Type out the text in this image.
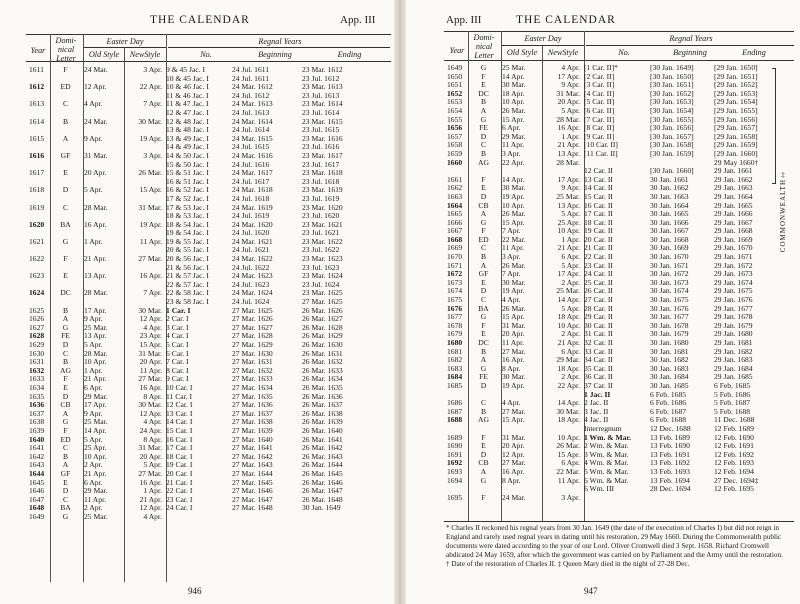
THE CALENDAR	App. III
Year
Domi-
nical
Letter
Easter Day
Old Style	NewStyle
Regnal Years
No.	Beginning	Ending
1611	F	24 Mar.	3 Apr.	9 & 45 Jac. I	24 Jul. 1611	23 Mar. 1612
				10 & 45 Jac. I	24 Jul. 1611	23 Jul. 1612
1612	ED	12 Apr.	22 Apr.	10 & 46 Jac. I	24 Mar. 1612	23 Mar. 1613
				11 & 46 Jac. I	24 Jul. 1612	23 Jul. 1613
1613	C	4 Apr.	7 Apr.	11 & 47 Jac. I	24 Mar. 1613	23 Mar. 1614
				12 & 47 Jac. I	24 Jul. 1613	23 Jul. 1614
1614	B	24 Mar.	30 Mar.	12 & 48 Jac. I	24 Mar. 1614	23 Mar. 1615
				13 & 48 Jac. I	24 Jul. 1614	23 Jul. 1615
1615	A	9 Apr.	19 Apr.	13 & 49 Jac. I	24 Mar. 1615	23 Mar. 1616
				14 & 49 Jac. I	24 Jul. 1615	23 Jul. 1616
1616	GF	31 Mar.	3 Apr.	14 & 50 Jac. I	24 Mar. 1616	23 Mar. 1617
				15 & 50 Jac. I	24 Jul. 1616	23 Jul. 1617
1617	E	20 Apr.	26 Mar.	15 & 51 Jac. I	24 Mar. 1617	23 Mar. 1618
				16 & 51 Jac. I	24 Jul. 1617	23 Jul. 1618
1618	D	5 Apr.	15 Apr.	16 & 52 Jac. I	24 Mar. 1618	23 Mar. 1619
				17 & 52 Jac. I	24 Jul. 1618	23 Jul. 1619
1619	C	28 Mar.	31 Mar.	17 & 53 Jac. I	24 Mar. 1619	23 Mar. 1620
				18 & 53 Jac. I	24 Jul. 1619	23 Jul. 1620
1620	BA	16 Apr.	19 Apr.	18 & 54 Jac. I	24 Mar. 1620	23 Mar. 1621
				19 & 54 Jac. I	24 Jul. 1620	23 Jul. 1621
1621	G	1 Apr.	11 Apr.	19 & 55 Jac. I	24 Mar. 1621	23 Mar. 1622
				20 & 55 Jac. I	24 Jul. 1621	23 Jul. 1622
1622	F	21 Apr.	27 Mar.	20 & 56 Jac. I	24 Mar. 1622	23 Mar. 1623
				21 & 56 Jac. I	24 Jul. 1622	23 Jul. 1623
1623	E	13 Apr.	16 Apr.	21 & 57 Jac. I	24 Mar. 1623	23 Mar. 1624
				22 & 57 Jac. I	24 Jul. 1623	23 Jul. 1624
1624	DC	28 Mar.	7 Apr.	22 & 58 Jac. I	24 Mar. 1624	23 Mar. 1625
				23 & 58 Jac. I	24 Jul. 1624	27 Mar. 1625
1625	B	17 Apr.	30 Mar.	1 Car. I	27 Mar. 1625	26 Mar. 1626
1626	A	9 Apr.	12 Apr.	2 Car. I	27 Mar. 1626	26 Mar. 1627
1627	G	25 Mar.	4 Apr.	3 Car. I	27 Mar. 1627	26 Mar. 1628
1628	FE	13 Apr.	23 Apr.	4 Car. I	27 Mar. 1628	26 Mar. 1629
1629	D	5 Apr.	15 Apr.	5 Car. I	27 Mar. 1629	26 Mar. 1630
1630	C	28 Mar.	31 Mar.	6 Car. I	27 Mar. 1630	26 Mar. 1631
1631	B	10 Apr.	20 Apr.	7 Car. I	27 Mar. 1631	26 Mar. 1632
1632	AG	1 Apr.	11 Apr.	8 Car. I	27 Mar. 1632	26 Mar. 1633
1633	F	21 Apr.	27 Mar.	9 Car. I	27 Mar. 1633	26 Mar. 1634
1634	E	6 Apr.	16 Apr.	10 Car. I	27 Mar. 1634	26 Mar. 1635
1635	D	29 Mar.	8 Apr.	11 Car. I	27 Mar. 1635	26 Mar. 1636
1636	CB	17 Apr.	30 Mar.	12 Car. I	27 Mar. 1636	26 Mar. 1637
1637	A	9 Apr.	12 Apr.	13 Car. I	27 Mar. 1637	26 Mar. 1638
1638	G	25 Mar.	4 Apr.	14 Car. I	27 Mar. 1638	26 Mar. 1639
1639	F	14 Apr.	24 Apr.	15 Car. I	27 Mar. 1639	26 Mar. 1640
1640	ED	5 Apr.	8 Apr.	16 Car. I	27 Mar. 1640	26 Mar. 1641
1641	C	25 Apr.	31 Mar.	17 Car. I	27 Mar. 1641	26 Mar. 1642
1642	B	10 Apr.	20 Apr.	18 Car. I	27 Mar. 1642	26 Mar. 1643
1643	A	2 Apr.	5 Apr.	19 Car. I	27 Mar. 1643	26 Mar. 1644
1644	GF	21 Apr.	27 Mar.	20 Car. I	27 Mar. 1644	26 Mar. 1645
1645	E	6 Apr.	16 Apr.	21 Car. I	27 Mar. 1645	26 Mar. 1646
1646	D	29 Mar.	1 Apr.	22 Car. I	27 Mar. 1646	26 Mar. 1647
1647	C	11 Apr.	21 Apr.	23 Car. I	27 Mar. 1647	26 Mar. 1648
1648	BA	2 Apr.	12 Apr.	24 Car. I	27 Mar. 1648	30 Jan. 1649
1649	G	25 Mar.	4 Apr.			
946
App. III	THE CALENDAR
Year
Domi-
nical
Letter
Easter Day
Old Style	NewStyle
Regnal Years
No.	Beginning	Ending
1649	G	25 Mar.	4 Apr.	[1 Car. II]*	[30 Jan. 1649]	[29 Jan. 1650]
1650	F	14 Apr.	17 Apr.	[2 Car. II]	[30 Jan. 1650]	[29 Jan. 1651]
1651	E	30 Mar.	9 Apr.	[3 Car. II]	[30 Jan. 1651]	[29 Jan. 1652]
1652	DC	18 Apr.	31 Mar.	[4 Car. II]	[30 Jan. 1652]	[29 Jan. 1653]
1653	B	10 Apr.	20 Apr.	[5 Car. II]	[30 Jan. 1653]	[29 Jan. 1654]
1654	A	26 Mar.	5 Apr.	[6 Car. II]	[30 Jan. 1654]	[29 Jan. 1655]
1655	G	15 Apr.	28 Mar.	[7 Car. II]	[30 Jan. 1655]	[29 Jan. 1656]
1656	FE	6 Apr.	16 Apr.	[8 Car. II]	[30 Jan. 1656]	[29 Jan. 1657]
1657	D	29 Mar.	1 Apr.	[9 Car. II]	[30 Jan. 1657]	[29 Jan. 1658]
1658	C	11 Apr.	21 Apr.	[10 Car. II]	[30 Jan. 1658]	[29 Jan. 1659]
1659	B	3 Apr.	13 Apr.	[11 Car. II]	[30 Jan. 1659]	[29 Jan. 1660]
1660	AG	22 Apr.	28 Mar.			29 May 1660†
				12 Car. II	[30 Jan. 1660]	29 Jan. 1661
1661	F	14 Apr.	17 Apr.	13 Car. II	30 Jan. 1661	29 Jan. 1662
1662	E	30 Mar.	9 Apr.	14 Car. II	30 Jan. 1662	29 Jan. 1663
1663	D	19 Apr.	25 Mar.	15 Car. II	30 Jan. 1663	29 Jan. 1664
1664	CB	10 Apr.	13 Apr.	16 Car. II	30 Jan. 1664	29 Jan. 1665
1665	A	26 Mar.	5 Apr.	17 Car. II	30 Jan. 1665	29 Jan. 1666
1666	G	15 Apr.	25 Apr.	18 Car. II	30 Jan. 1666	29 Jan. 1667
1667	F	7 Apr.	10 Apr.	19 Car. II	30 Jan. 1667	29 Jan. 1668
1668	ED	22 Mar.	1 Apr.	20 Car. II	30 Jan. 1668	29 Jan. 1669
1669	C	11 Apr.	21 Apr.	21 Car. II	30 Jan. 1669	29 Jan. 1670
1670	B	3 Apr.	6 Apr.	22 Car. II	30 Jan. 1670	29 Jan. 1671
1671	A	26 Mar.	5 Apr.	23 Car. II	30 Jan. 1671	29 Jan. 1672
1672	GF	7 Apr.	17 Apr.	24 Car. II	30 Jan. 1672	29 Jan. 1673
1673	E	30 Mar.	2 Apr.	25 Car. II	30 Jan. 1673	29 Jan. 1674
1674	D	19 Apr.	25 Mar.	26 Car. II	30 Jan. 1674	29 Jan. 1675
1675	C	4 Apr.	14 Apr.	27 Car. II	30 Jan. 1675	29 Jan. 1676
1676	BA	26 Mar.	5 Apr.	28 Car. II	30 Jan. 1676	29 Jan. 1677
1677	G	15 Apr.	18 Apr.	29 Car. II	30 Jan. 1677	29 Jan. 1678
1678	F	31 Mar.	10 Apr.	30 Car. II	30 Jan. 1678	29 Jan. 1679
1679	E	20 Apr.	2 Apr.	31 Car. II	30 Jan. 1679	29 Jan. 1680
1680	DC	11 Apr.	21 Apr.	32 Car. II	30 Jan. 1680	29 Jan. 1681
1681	B	27 Mar.	6 Apr.	33 Car. II	30 Jan. 1681	29 Jan. 1682
1682	A	16 Apr.	29 Mar.	34 Car. II	30 Jan. 1682	29 Jan. 1683
1683	G	8 Apr.	18 Apr.	35 Car. II	30 Jan. 1683	29 Jan. 1684
1684	FE	30 Mar.	2 Apr.	36 Car. II	30 Jan. 1684	29 Jan. 1685
1685	D	19 Apr.	22 Apr.	37 Car. II	30 Jan. 1685	6 Feb. 1685
				1 Jac. II	6 Feb. 1685	5 Feb. 1686
1686	C	4 Apr.	14 Apr.	2 Jac. II	6 Feb. 1686	5 Feb. 1687
1687	B	27 Mar.	30 Mar.	3 Jac. II	6 Feb. 1687	5 Feb. 1688
1688	AG	15 Apr.	18 Apr.	4 Jac. II	6 Feb. 1688	11 Dec. 1688
				Interregnum	12 Dec. 1688	12 Feb. 1689
1689	F	31 Mar.	10 Apr.	1 Wm. & Mar.	13 Feb. 1689	12 Feb. 1690
1690	E	20 Apr.	26 Mar.	2 Wm. & Mar.	13 Feb. 1690	12 Feb. 1691
1691	D	12 Apr.	15 Apr.	3 Wm. & Mar.	13 Feb. 1691	12 Feb. 1692
1692	CB	27 Mar.	6 Apr.	4 Wm. & Mar.	13 Feb. 1692	12 Feb. 1693
1693	A	16 Apr.	22 Mar.	5 Wm. & Mar.	13 Feb. 1693	12 Feb. 1694
1694	G	8 Apr.	11 Apr.	6 Wm. & Mar.	13 Feb. 1694	27 Dec. 1694‡
				6 Wm. III	28 Dec. 1694	12 Feb. 1695
1695	F	24 Mar.	3 Apr.			
COMMONWEALTH‡
* Charles II reckoned his regnal years from 30 Jan. 1649 (the date of the execution of Charles I) but did not reign in England and rarely used regnal years in dating until his restoration, 29 May 1660. During the Commonwealth public documents were dated according to the year of our Lord. Oliver Cromwell died 3 Sept. 1658. Richard Cromwell abdicated 24 May 1659, after which the government was carried on by Parliament and the Army until the restoration.
† Date of the restoration of Charles II. ‡ Queen Mary died in the night of 27-28 Dec.
947
